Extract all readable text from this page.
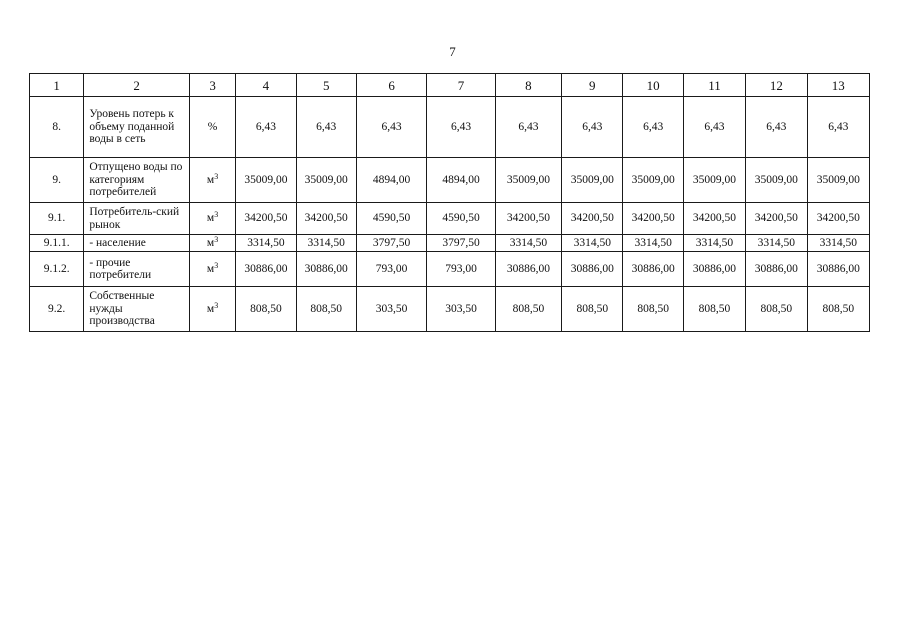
7
1	2	3	4	5	6	7	8	9	10	11	12	13
8.	Уровень потерь к объему поданной воды в сеть	%	6,43	6,43	6,43	6,43	6,43	6,43	6,43	6,43	6,43	6,43
9.	Отпущено воды по категориям потребителей	$м^3$	35009,00	35009,00	4894,00	4894,00	35009,00	35009,00	35009,00	35009,00	35009,00	35009,00
9.1.	Потребитель-ский рынок	$м^3$	34200,50	34200,50	4590,50	4590,50	34200,50	34200,50	34200,50	34200,50	34200,50	34200,50
9.1.1.	- население	$м^3$	3314,50	3314,50	3797,50	3797,50	3314,50	3314,50	3314,50	3314,50	3314,50	3314,50
9.1.2.	- прочие потребители	$м^3$	30886,00	30886,00	793,00	793,00	30886,00	30886,00	30886,00	30886,00	30886,00	30886,00
9.2.	Собственные нужды производства	$м^3$	808,50	808,50	303,50	303,50	808,50	808,50	808,50	808,50	808,50	808,50
